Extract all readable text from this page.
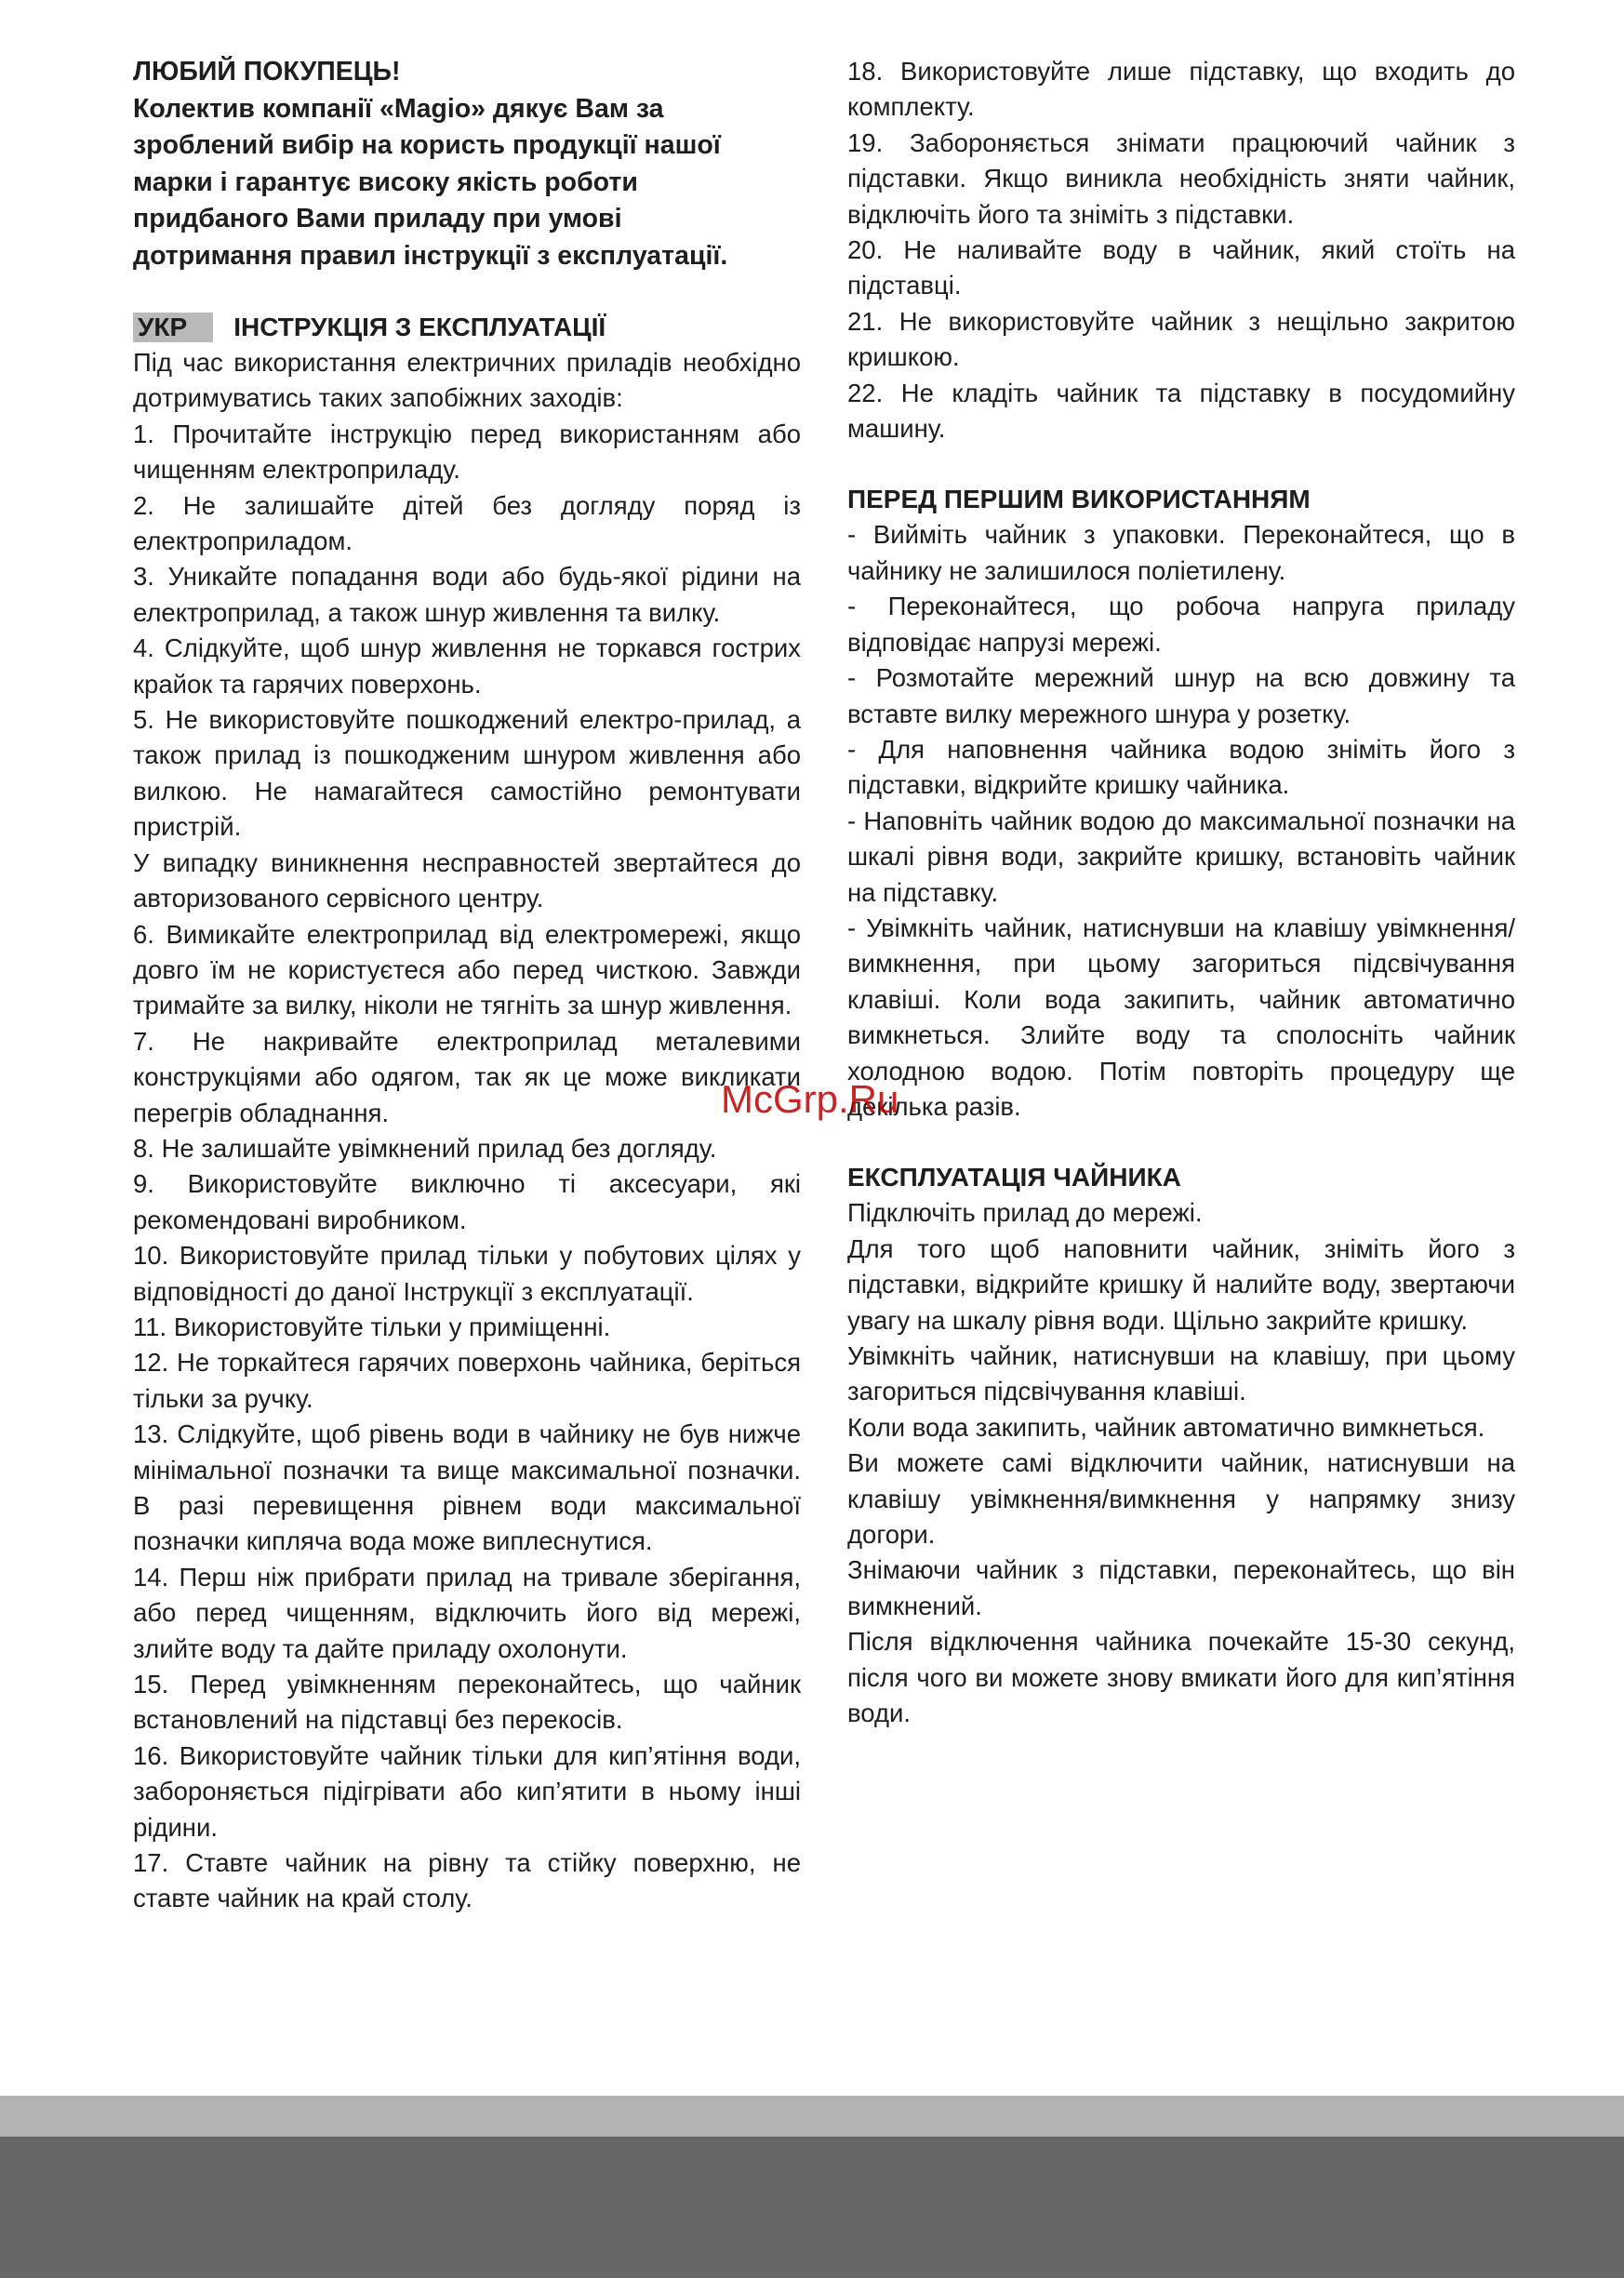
ЛЮБИЙ ПОКУПЕЦЬ!

Колектив компанії «Magio» дякує Вам за

зроблений вибір на користь продукції нашої

марки і гарантує високу якість роботи

придбаного Вами приладу при умові

дотримання правил інструкції з експлуатації.

УКР	ІНСТРУКЦІЯ З ЕКСПЛУАТАЦІЇ

Під час використання електричних приладів необхідно дотримуватись таких запобіжних заходів:

1. Прочитайте інструкцію перед використанням або чищенням електроприладу.

2. Не залишайте дітей без догляду поряд із електроприладом.

3. Уникайте попадання води або будь-якої рідини на електроприлад, а також шнур живлення та вилку.

4. Слідкуйте, щоб шнур живлення не торкався гострих крайок та гарячих поверхонь.

5. Не використовуйте пошкоджений електро-прилад, а також прилад із пошкодженим шнуром живлення або вилкою. Не намагайтеся самостійно ремонтувати пристрій.

У випадку виникнення несправностей звертайтеся до авторизованого сервісного центру.

6. Вимикайте електроприлад від електромережі, якщо довго їм не користуєтеся або перед чисткою. Завжди тримайте за вилку, ніколи не тягніть за шнур живлення.

7. Не накривайте електроприлад металевими конструкціями або одягом, так як це може викликати перегрів обладнання.

8. Не залишайте увімкнений прилад без догляду.

9. Використовуйте виключно ті аксесуари, які рекомендовані виробником.

10. Використовуйте прилад тільки у побутових цілях у відповідності до даної Інструкції з експлуатації.

11. Використовуйте тільки у приміщенні.

12. Не торкайтеся гарячих поверхонь чайника, беріться тільки за ручку.

13. Слідкуйте, щоб рівень води в чайнику не був нижче мінімальної позначки та вище максимальної позначки. В разі перевищення рівнем води максимальної позначки кипляча вода може виплеснутися.

14. Перш ніж прибрати прилад на тривале зберігання, або перед чищенням, відключить його від мережі, злийте воду та дайте приладу охолонути.

15. Перед увімкненням переконайтесь, що чайник встановлений на підставці без перекосів.

16. Використовуйте чайник тільки для кип’ятіння води, забороняється підігрівати або кип’ятити в ньому інші рідини.

17. Ставте чайник на рівну та стійку поверхню, не ставте чайник на край столу.

18. Використовуйте лише підставку, що входить до комплекту.

19. Забороняється знімати працюючий чайник з підставки. Якщо виникла необхідність зняти чайник, відключіть його та зніміть з підставки.

20. Не наливайте воду в чайник, який стоїть на підставці.

21. Не використовуйте чайник з нещільно закритою кришкою.

22. Не кладіть чайник та підставку в посудомийну машину.

ПЕРЕД ПЕРШИМ ВИКОРИСТАННЯМ

- Вийміть чайник з упаковки. Переконайтеся, що в чайнику не залишилося поліетилену.

- Переконайтеся, що робоча напруга приладу відповідає напрузі мережі.

- Розмотайте мережний шнур на всю довжину та вставте вилку мережного шнура у розетку.

- Для наповнення чайника водою зніміть його з підставки, відкрийте кришку чайника.

- Наповніть чайник водою до максимальної позначки на шкалі рівня води, закрийте кришку, встановіть чайник на підставку.

- Увімкніть чайник, натиснувши на клавішу увімкнення/вимкнення, при цьому загориться підсвічування клавіші. Коли вода закипить, чайник автоматично вимкнеться. Злийте воду та сполосніть чайник холодною водою. Потім повторіть процедуру ще декілька разів.

ЕКСПЛУАТАЦІЯ ЧАЙНИКА

Підключіть прилад до мережі.

Для того щоб наповнити чайник, зніміть його з підставки, відкрийте кришку й налийте воду, звертаючи увагу на шкалу рівня води. Щільно закрийте кришку.

Увімкніть чайник, натиснувши на клавішу, при цьому загориться підсвічування клавіші.

Коли вода закипить, чайник автоматично вимкнеться.

Ви можете самі відключити чайник, натиснувши на клавішу увімкнення/вимкнення у напрямку знизу догори.

Знімаючи чайник з підставки, переконайтесь, що він вимкнений.

Після відключення чайника почекайте 15-30 секунд, після чого ви можете знову вмикати його для кип’ятіння води.

McGrp.Ru
